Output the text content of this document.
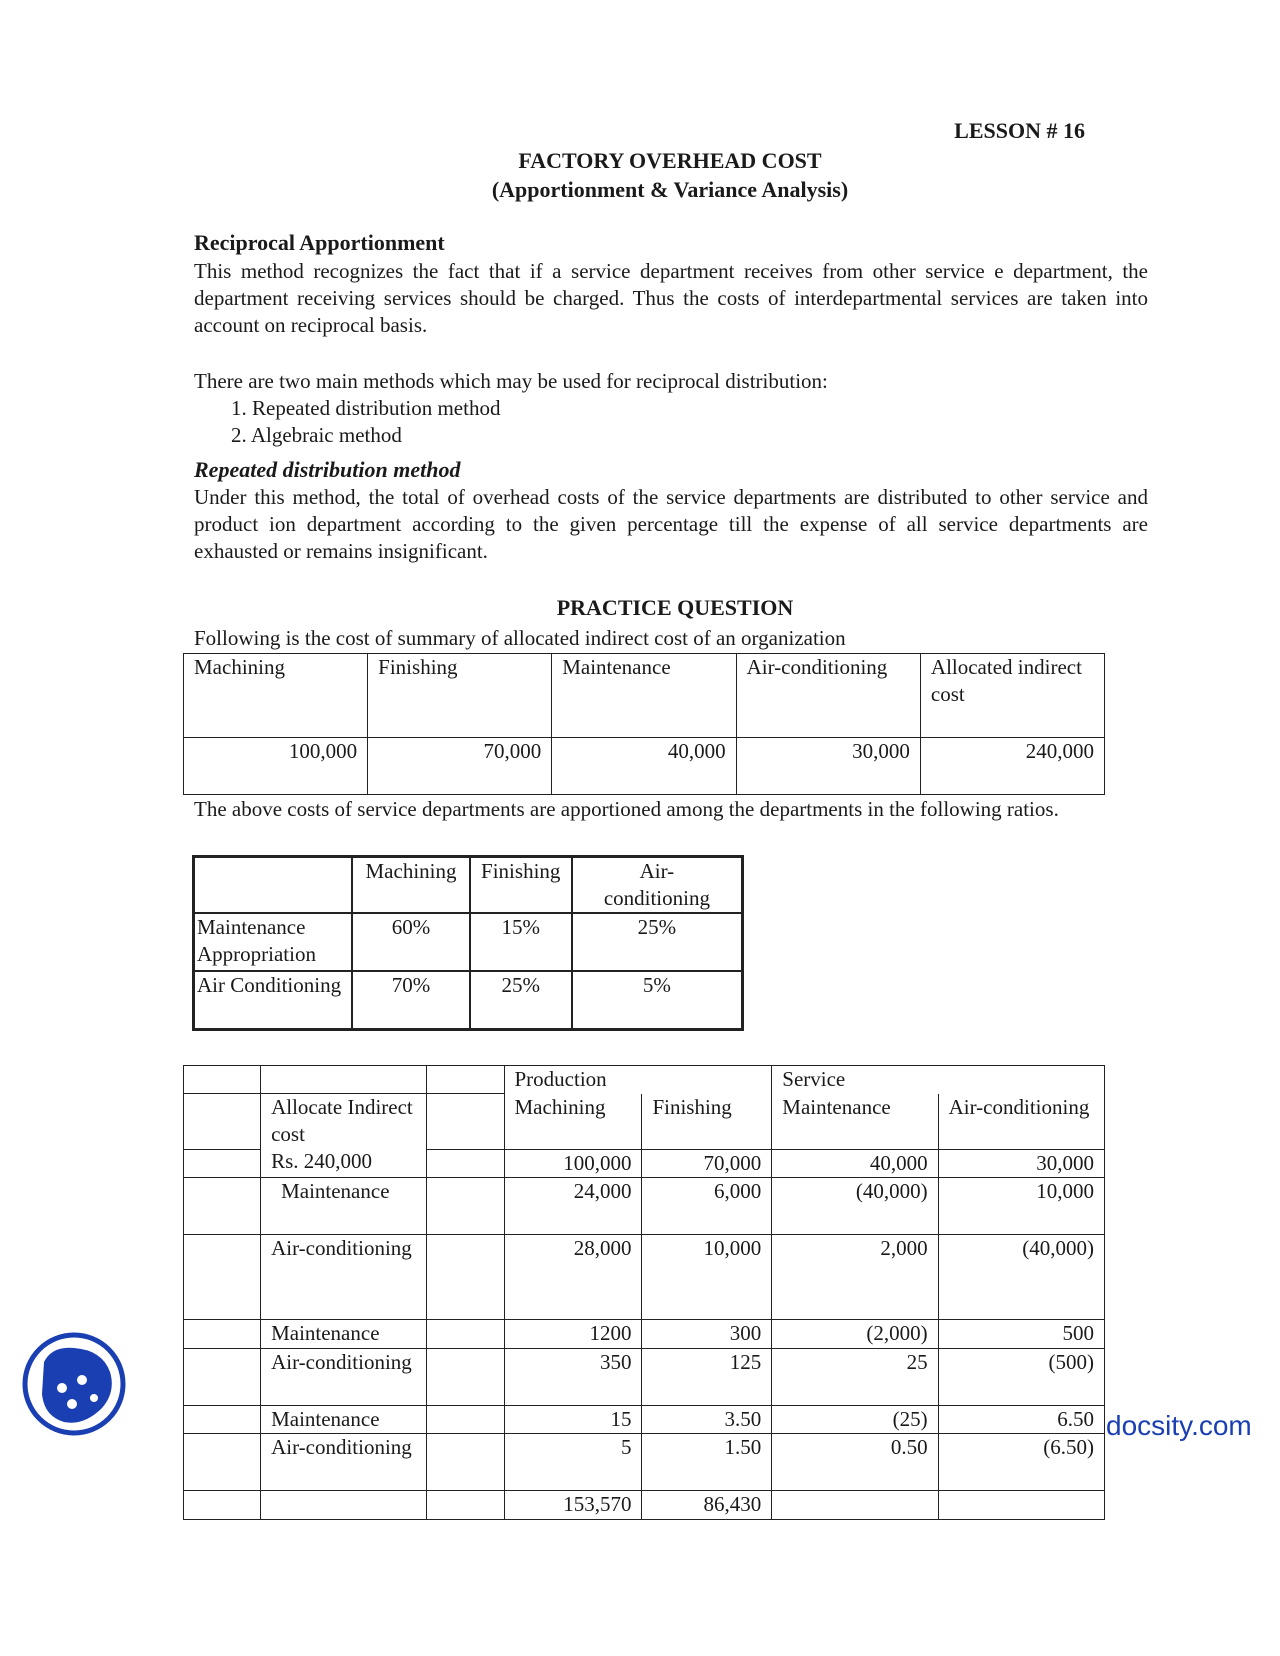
LESSON # 16
FACTORY OVERHEAD COST
(Apportionment & Variance Analysis)
Reciprocal Apportionment
This method recognizes the fact that if a service department receives from other service e department, the department receiving services should be charged. Thus the costs of interdepartmental services are taken into account on reciprocal basis.
There are two main methods which may be used for reciprocal distribution:
1. Repeated distribution method
2. Algebraic method
Repeated distribution method
Under this method, the total of overhead costs of the service departments are distributed to other service and product ion department according to the given percentage till the expense of all service departments are exhausted or remains insignificant.
PRACTICE QUESTION
Following is the cost of summary of allocated indirect cost of an organization
Machining	Finishing	Maintenance	Air-conditioning	Allocated indirect cost
100,000	70,000	40,000	30,000	240,000
The above costs of service departments are apportioned among the departments in the following ratios.
	Machining	Finishing	Air-conditioning
Maintenance Appropriation	60%	15%	25%
Air Conditioning	70%	25%	5%
			Production		Service	

	Allocate Indirect cost
Rs. 240,000		Machining	Finishing	Maintenance	Air-conditioning
			100,000	70,000	40,000	30,000
	Maintenance		24,000	6,000	(40,000)	10,000
	Air-conditioning		28,000	10,000	2,000	(40,000)
	Maintenance		1200	300	(2,000)	500
	Air-conditioning		350	125	25	(500)
	Maintenance		15	3.50	(25)	6.50
	Air-conditioning		5	1.50	0.50	(6.50)
			153,570	86,430		
docsity.com
